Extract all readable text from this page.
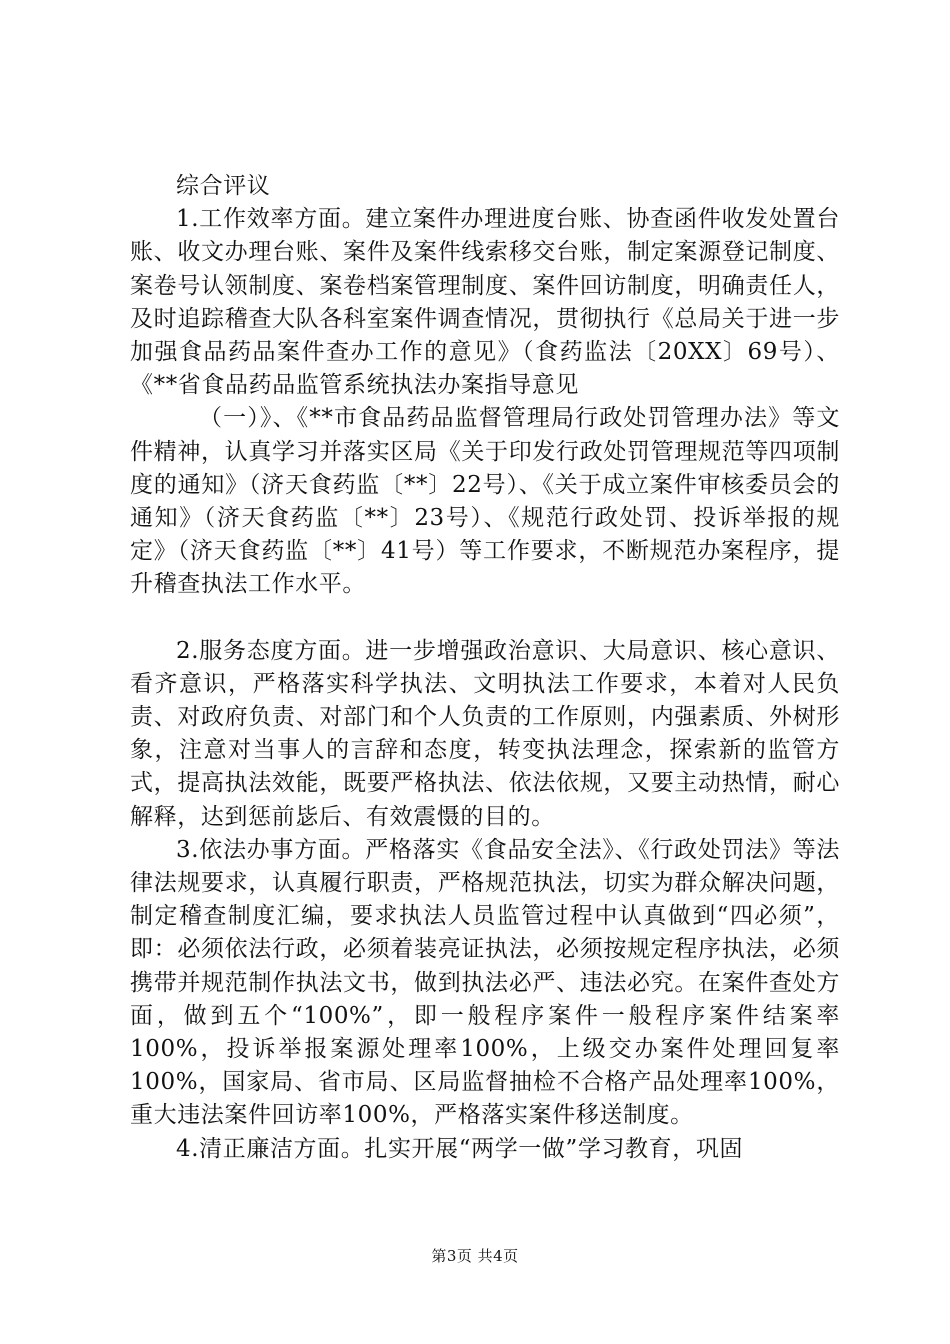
综合评议

1.工作效率方面。建立案件办理进度台账、协查函件收发处置台账、收文办理台账、案件及案件线索移交台账，制定案源登记制度、案卷号认领制度、案卷档案管理制度、案件回访制度，明确责任人，及时追踪稽查大队各科室案件调查情况，贯彻执行《总局关于进一步加强食品药品案件查办工作的意见》（食药监法〔20XX〕69号）、《**省食品药品监管系统执法办案指导意见

（一）》、《**市食品药品监督管理局行政处罚管理办法》等文件精神，认真学习并落实区局《关于印发行政处罚管理规范等四项制度的通知》（济天食药监〔**〕22号）、《关于成立案件审核委员会的通知》（济天食药监〔**〕23号）、《规范行政处罚、投诉举报的规定》（济天食药监〔**〕41号）等工作要求，不断规范办案程序，提升稽查执法工作水平。

2.服务态度方面。进一步增强政治意识、大局意识、核心意识、看齐意识，严格落实科学执法、文明执法工作要求，本着对人民负责、对政府负责、对部门和个人负责的工作原则，内强素质、外树形象，注意对当事人的言辞和态度，转变执法理念，探索新的监管方式，提高执法效能，既要严格执法、依法依规，又要主动热情，耐心解释，达到惩前毖后、有效震慑的目的。

3.依法办事方面。严格落实《食品安全法》、《行政处罚法》等法律法规要求，认真履行职责，严格规范执法，切实为群众解决问题，制定稽查制度汇编，要求执法人员监管过程中认真做到“四必须”，即：必须依法行政，必须着装亮证执法，必须按规定程序执法，必须携带并规范制作执法文书，做到执法必严、违法必究。在案件查处方面，做到五个“100%”，即一般程序案件一般程序案件结案率100%，投诉举报案源处理率100%，上级交办案件处理回复率100%，国家局、省市局、区局监督抽检不合格产品处理率100%，重大违法案件回访率100%，严格落实案件移送制度。

4.清正廉洁方面。扎实开展“两学一做”学习教育，巩固

第3页 共4页
